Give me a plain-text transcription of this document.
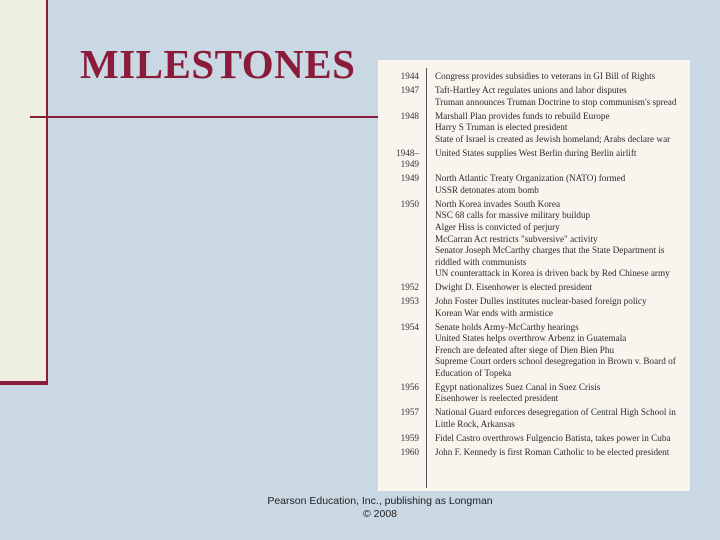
MILESTONES	1944 Congress provides subsidies to veterans in GI Bill of Rights
1947 Taft-Hartley Act regulates unions and labor disputes
Truman announces Truman Doctrine to stop communism's spread
1948 Marshall Plan provides funds to rebuild Europe
Harry S Truman is elected president
State of Israel is created as Jewish homeland; Arabs declare war
1948–1949
United States supplies West Berlin during Berlin airlift
1949 North Atlantic Treaty Organization (NATO) formed
USSR detonates atom bomb
1950 North Korea invades South Korea
NSC 68 calls for massive military buildup
Alger Hiss is convicted of perjury
McCarran Act restricts "subversive" activity
Senator Joseph McCarthy charges that the State Department is riddled with communists
UN counterattack in Korea is driven back by Red Chinese army
1952 Dwight D. Eisenhower is elected president
1953 John Foster Dulles institutes nuclear-based foreign policy
Korean War ends with armistice
1954 Senate holds Army-McCarthy hearings
United States helps overthrow Arbenz in Guatemala
French are defeated after siege of Dien Bien Phu
Supreme Court orders school desegregation in Brown v. Board of Education of Topeka
1956 Egypt nationalizes Suez Canal in Suez Crisis
Eisenhower is reelected president
1957 National Guard enforces desegregation of Central High School in Little Rock, Arkansas
1959 Fidel Castro overthrows Fulgencio Batista, takes power in Cuba
1960 John F. Kennedy is first Roman Catholic to be elected president
Pearson Education, Inc., publishing as Longman
© 2008
